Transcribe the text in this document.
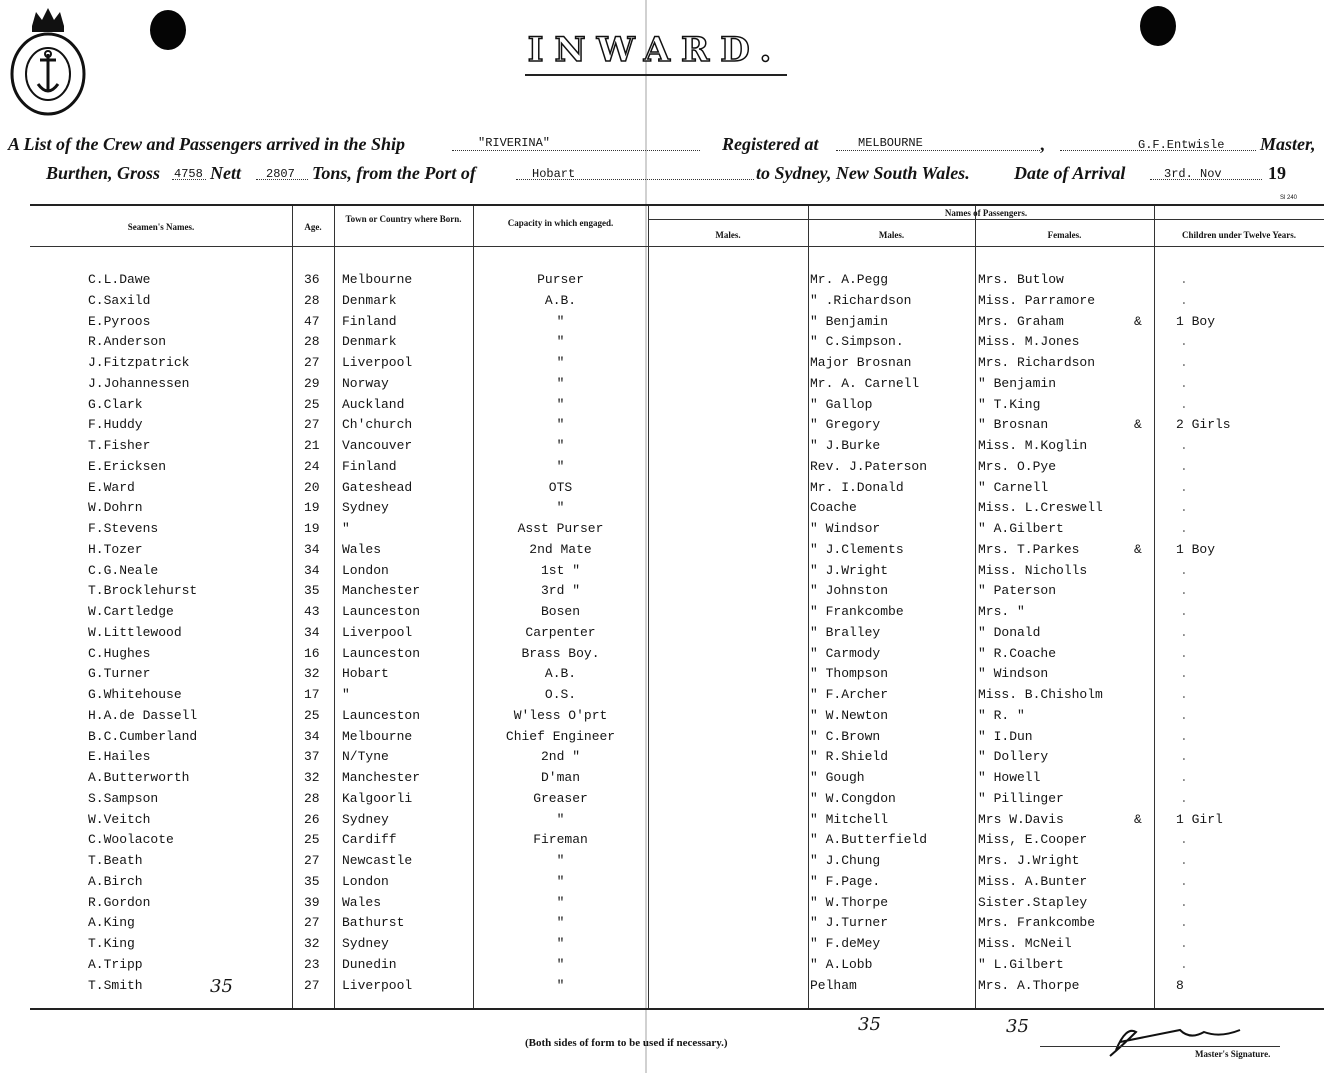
INWARD.
A List of the Crew and Passengers arrived in the Ship	"RIVERINA"	Registered at	MELBOURNE	,	G.F.Entwisle Master,
Burthen, Gross 4758 Nett 2807 Tons, from the Port of	Hobart	to Sydney, New South Wales. Date of Arrival	3rd. Nov	19
Sl 240
Seamen's Names.	Age.
Town or Country where Born.	Capacity in which engaged.
Names of Passengers.
Males.	Males.	Females.	Children under Twelve Years.
C.L.Dawe	36 Melbourne	Purser	Mr. A.Pegg	Mrs. Butlow	.
C.Saxild	28 Denmark	A.B.	" .Richardson	Miss. Parramore	.
E.Pyroos	47 Finland	"	" Benjamin	Mrs. Graham	&	1 Boy
R.Anderson	28 Denmark	"	" C.Simpson.	Miss. M.Jones	.
J.Fitzpatrick	27 Liverpool	"	Major Brosnan	Mrs. Richardson	.
J.Johannessen	29 Norway	"	Mr. A. Carnell	" Benjamin	.
G.Clark	25 Auckland	"	" Gallop	" T.King	.
F.Huddy	27 Ch'church	"	" Gregory	" Brosnan	&	2 Girls
T.Fisher	21 Vancouver	"	" J.Burke	Miss. M.Koglin	.
E.Ericksen	24 Finland	"	Rev. J.Paterson	Mrs. O.Pye	.
E.Ward	20 Gateshead	OTS	Mr. I.Donald	" Carnell	.
W.Dohrn	19 Sydney	"	Coache	Miss. L.Creswell	.
F.Stevens	19 "	Asst Purser	" Windsor	" A.Gilbert	.
H.Tozer	34 Wales	2nd Mate	" J.Clements	Mrs. T.Parkes	&	1 Boy
C.G.Neale	34 London	1st "	" J.Wright	Miss. Nicholls	.
T.Brocklehurst	35 Manchester	3rd "	" Johnston	" Paterson	.
W.Cartledge	43 Launceston	Bosen	" Frankcombe	Mrs. "	.
W.Littlewood	34 Liverpool	Carpenter	" Bralley	" Donald	.
C.Hughes	16 Launceston	Brass Boy.	" Carmody	" R.Coache	.
G.Turner	32 Hobart	A.B.	" Thompson	" Windson	.
G.Whitehouse	17 "	O.S.	" F.Archer	Miss. B.Chisholm	.
H.A.de Dassell	25 Launceston	W'less O'prt	" W.Newton	" R. "	.
B.C.Cumberland	34 Melbourne	Chief Engineer	" C.Brown	" I.Dun	.
E.Hailes	37 N/Tyne	2nd "	" R.Shield	" Dollery	.
A.Butterworth	32 Manchester	D'man	" Gough	" Howell	.
S.Sampson	28 Kalgoorli	Greaser	" W.Congdon	" Pillinger	.
W.Veitch	26 Sydney	"	" Mitchell	Mrs W.Davis	&	1 Girl
C.Woolacote	25 Cardiff	Fireman	" A.Butterfield	Miss, E.Cooper	.
T.Beath	27 Newcastle	"	" J.Chung	Mrs. J.Wright	.
A.Birch	35 London	"	" F.Page.	Miss. A.Bunter	.
R.Gordon	39 Wales	"	" W.Thorpe	Sister.Stapley	.
A.King	27 Bathurst	"	" J.Turner	Mrs. Frankcombe	.
T.King	32 Sydney	"	" F.deMey	Miss. McNeil	.
A.Tripp	23 Dunedin	"	" A.Lobb	" L.Gilbert	.
T.Smith	27 Liverpool	"	Pelham	Mrs. A.Thorpe	8
35
35	35
(Both sides of form to be used if necessary.)
Master's Signature.
